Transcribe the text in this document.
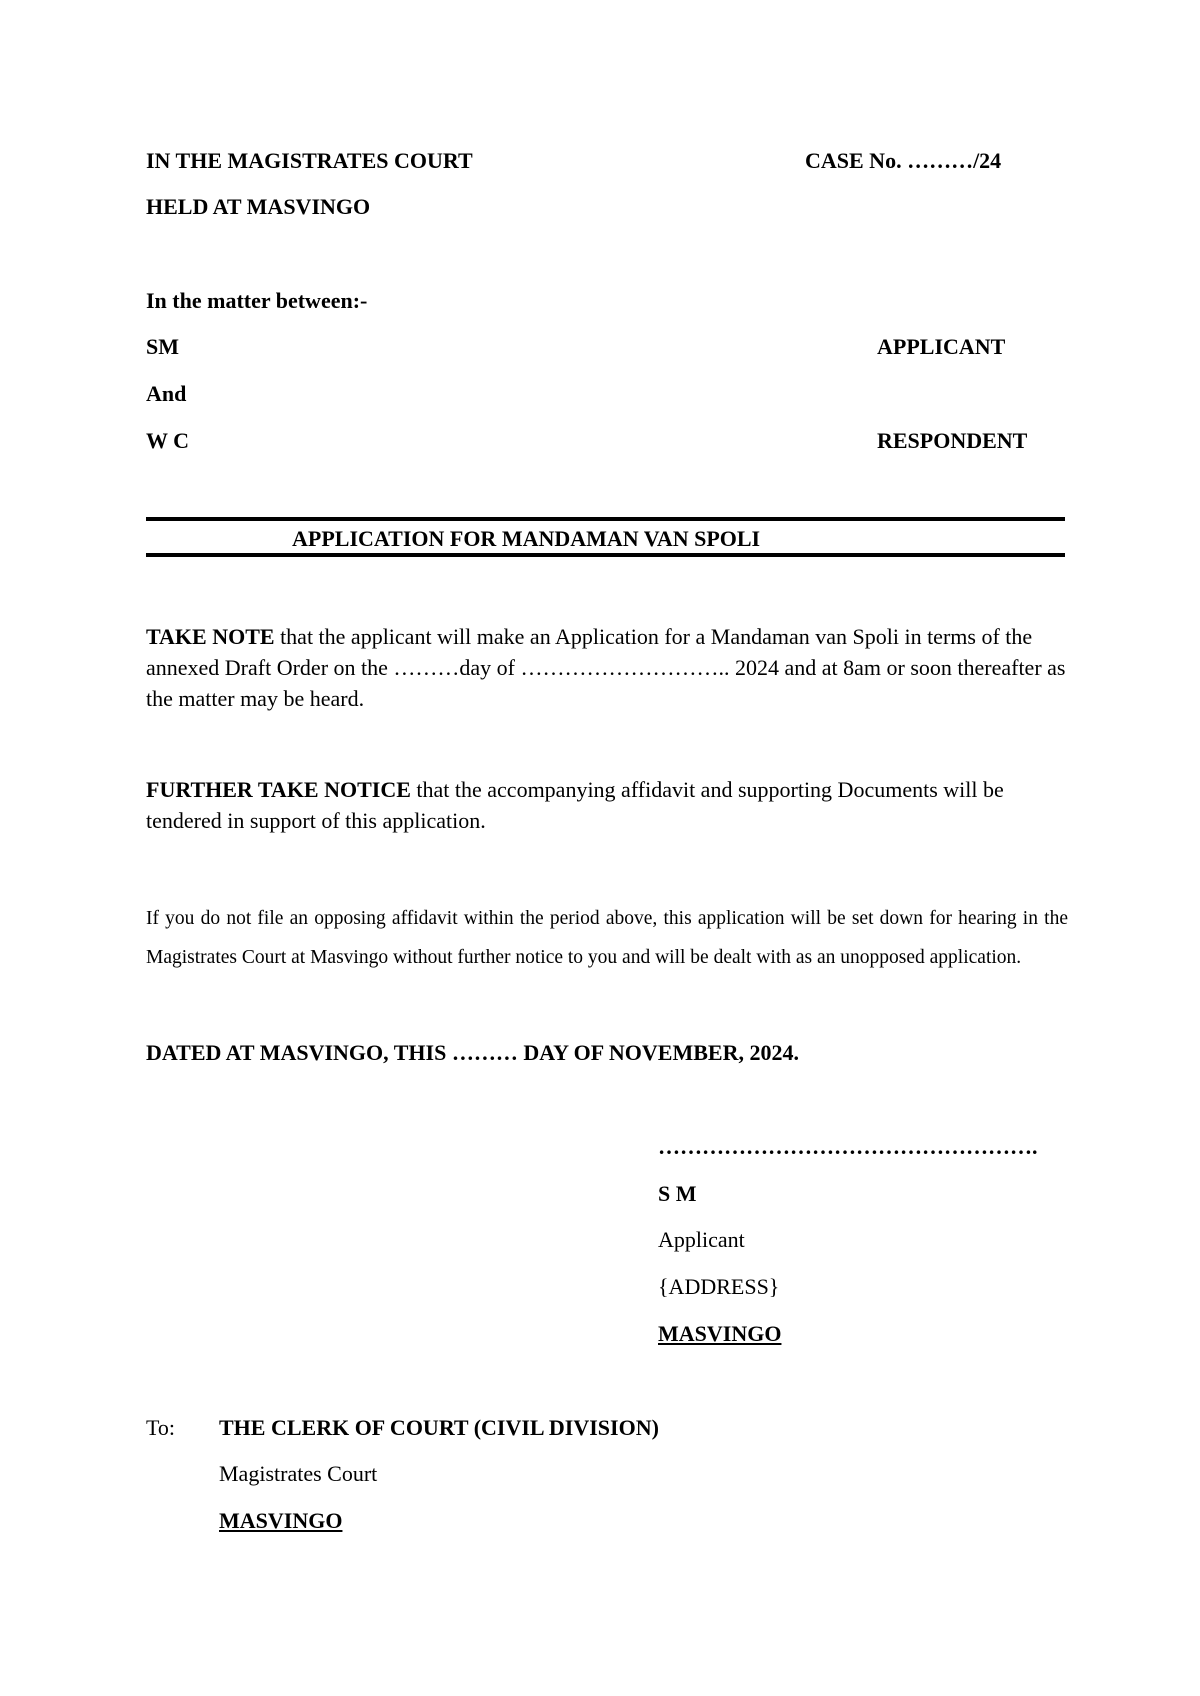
IN THE MAGISTRATES COURT	CASE No. ………/24
HELD AT MASVINGO
In the matter between:-
SM	APPLICANT
And
W C	RESPONDENT
APPLICATION FOR MANDAMAN VAN SPOLI
TAKE NOTE that the applicant will make an Application for a Mandaman van Spoli in terms of the annexed Draft Order on the ………day of ……………………….. 2024 and at 8am or soon thereafter as the matter may be heard.
FURTHER TAKE NOTICE that the accompanying affidavit and supporting Documents will be tendered in support of this application.
If you do not file an opposing affidavit within the period above, this application will be set down for hearing in the Magistrates Court at Masvingo without further notice to you and will be dealt with as an unopposed application.
DATED AT MASVINGO, THIS ……… DAY OF NOVEMBER, 2024.
…………………………………………….
S M
Applicant
{ADDRESS}
MASVINGO
To: THE CLERK OF COURT (CIVIL DIVISION)
Magistrates Court
MASVINGO
